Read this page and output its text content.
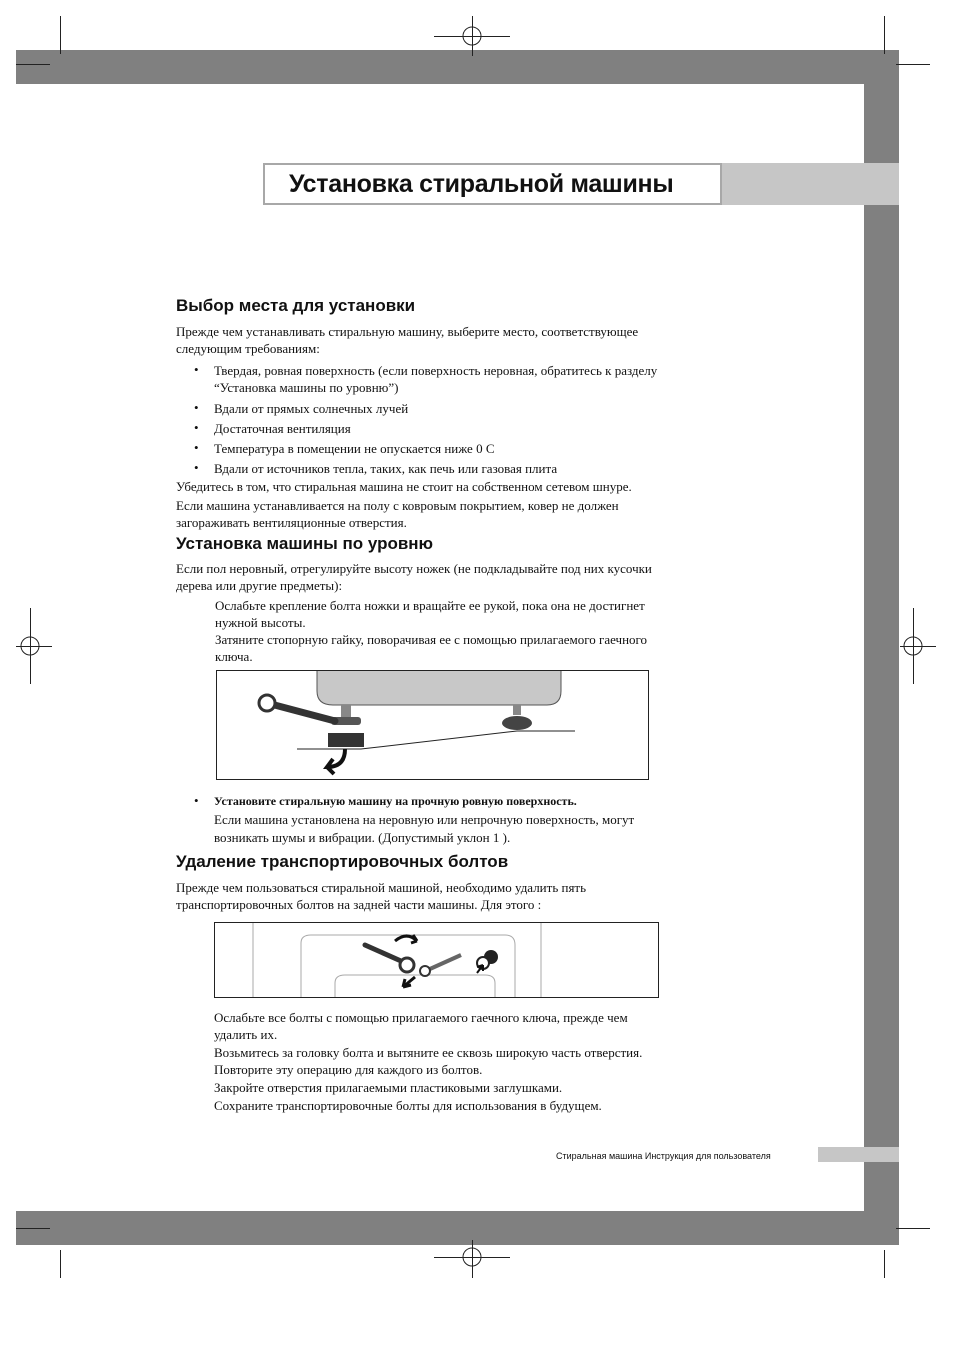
Установка стиральной машины
Выбор места для установки
Прежде чем устанавливать стиральную машину, выберите место, соответствующее
следующим требованиям:
• Твердая, ровная поверхность (если поверхность неровная, обратитесь к разделу
“Установка машины по уровню”)
• Вдали от прямых солнечных лучей
• Достаточная вентиляция
• Температура в помещении не опускается ниже 0 С
• Вдали от источников тепла, таких, как печь или газовая плита
Убедитесь в том, что стиральная машина не стоит на собственном сетевом шнуре.
Если машина устанавливается на полу с ковровым покрытием, ковер не должен
загораживать вентиляционные отверстия.
Установка машины по уровню
Если пол неровный, отрегулируйте высоту ножек (не подкладывайте под них кусочки
дерева или другие предметы):
Ослабьте крепление болта ножки и вращайте ее рукой, пока она не достигнет
нужной высоты.
Затяните стопорную гайку, поворачивая ее с помощью прилагаемого гаечного
ключа.
• Установите стиральную машину на прочную ровную поверхность.
Если машина установлена на неровную или непрочную поверхность, могут
возникать шумы и вибрации. (Допустимый уклон 1 ).
Удаление транспортировочных болтов
Прежде чем пользоваться стиральной машиной, необходимо удалить пять
транспортировочных болтов на задней части машины. Для этого :
Ослабьте все болты с помощью прилагаемого гаечного ключа, прежде чем
удалить их.
Возьмитесь за головку болта и вытяните ее сквозь широкую часть отверстия.
Повторите эту операцию для каждого из болтов.
Закройте отверстия прилагаемыми пластиковыми заглушками.
Сохраните транспортировочные болты для использования в будущем.
Стиральная машина Инструкция для пользователя
